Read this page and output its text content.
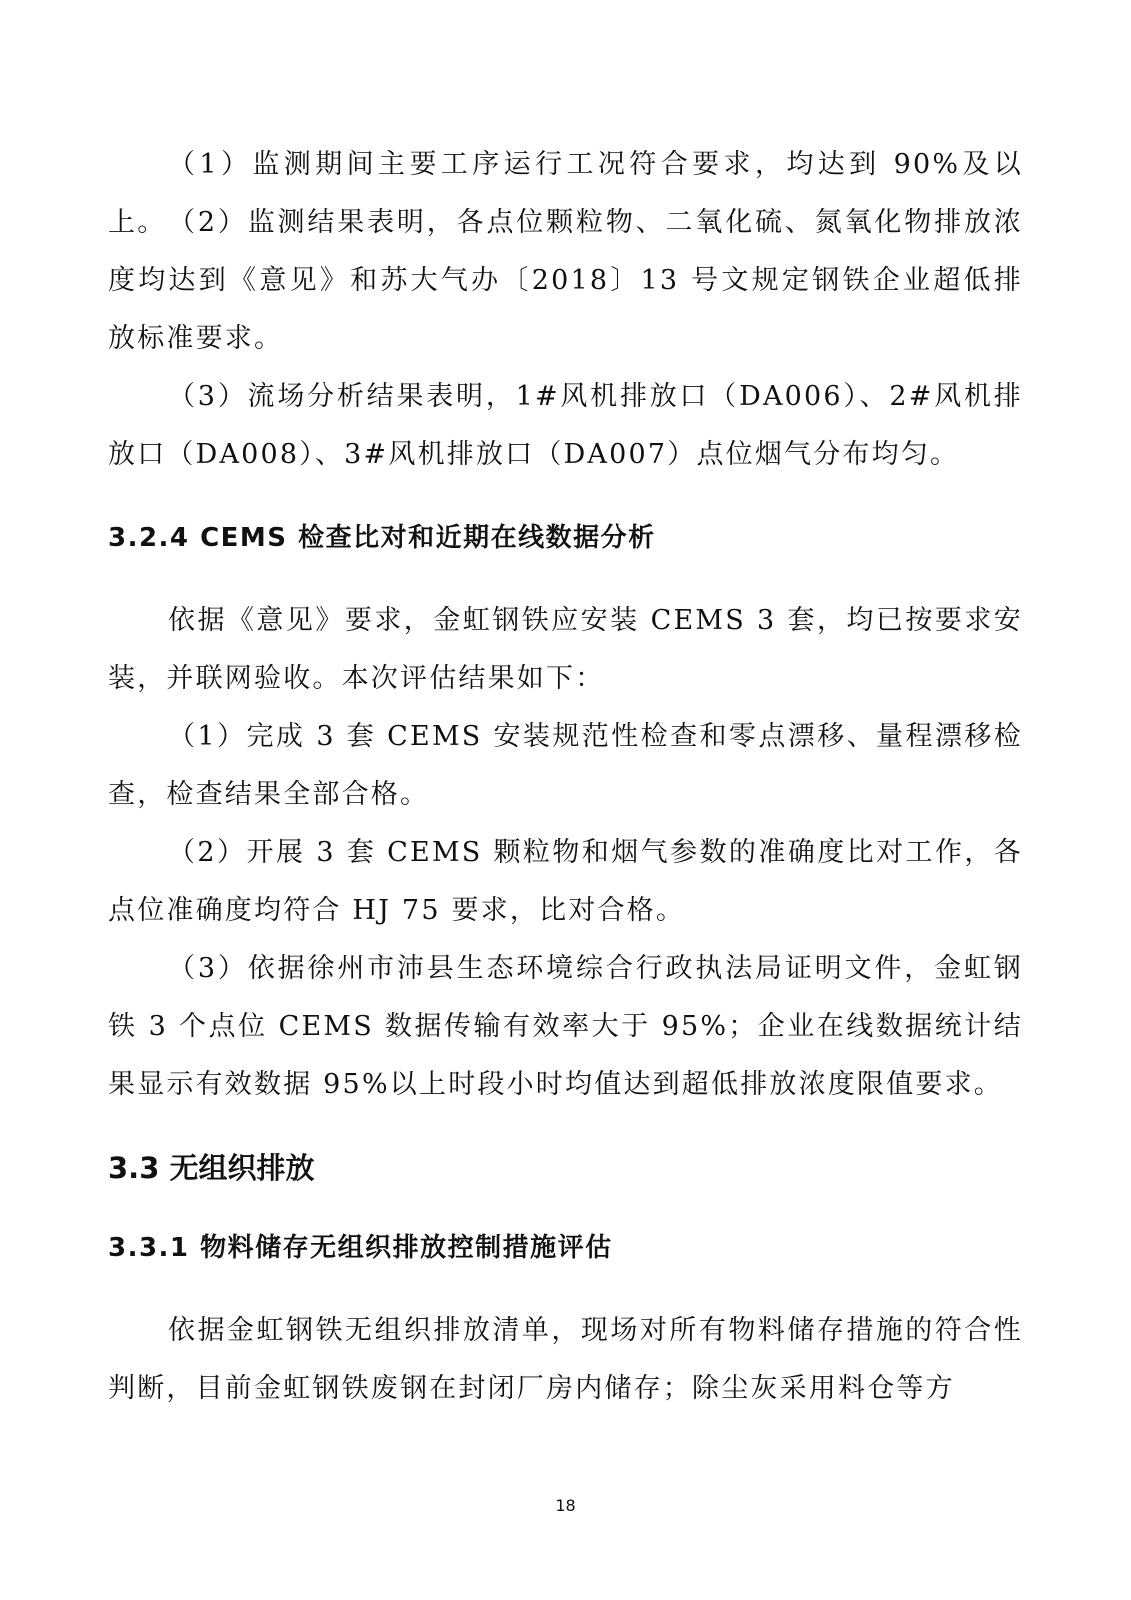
（1）监测期间主要工序运行工况符合要求，均达到 90%及以上。 （2）监测结果表明，各点位颗粒物、二氧化硫、氮氧化物排放浓度均达到《意见》和苏大气办〔2018〕13 号文规定钢铁企业超低排放标准要求。

（3）流场分析结果表明，1#风机排放口（DA006）、2#风机排放口（DA008）、3#风机排放口（DA007）点位烟气分布均匀。

3.2.4 CEMS 检查比对和近期在线数据分析

依据《意见》要求，金虹钢铁应安装 CEMS 3 套，均已按要求安装，并联网验收。本次评估结果如下：

（1）完成 3 套 CEMS 安装规范性检查和零点漂移、量程漂移检查，检查结果全部合格。

（2）开展 3 套 CEMS 颗粒物和烟气参数的准确度比对工作，各点位准确度均符合 HJ 75 要求，比对合格。

（3）依据徐州市沛县生态环境综合行政执法局证明文件，金虹钢铁 3 个点位 CEMS 数据传输有效率大于 95%；企业在线数据统计结果显示有效数据 95%以上时段小时均值达到超低排放浓度限值要求。

3.3 无组织排放
3.3.1 物料储存无组织排放控制措施评估

依据金虹钢铁无组织排放清单，现场对所有物料储存措施的符合性判断，目前金虹钢铁废钢在封闭厂房内储存；除尘灰采用料仓等方

18
